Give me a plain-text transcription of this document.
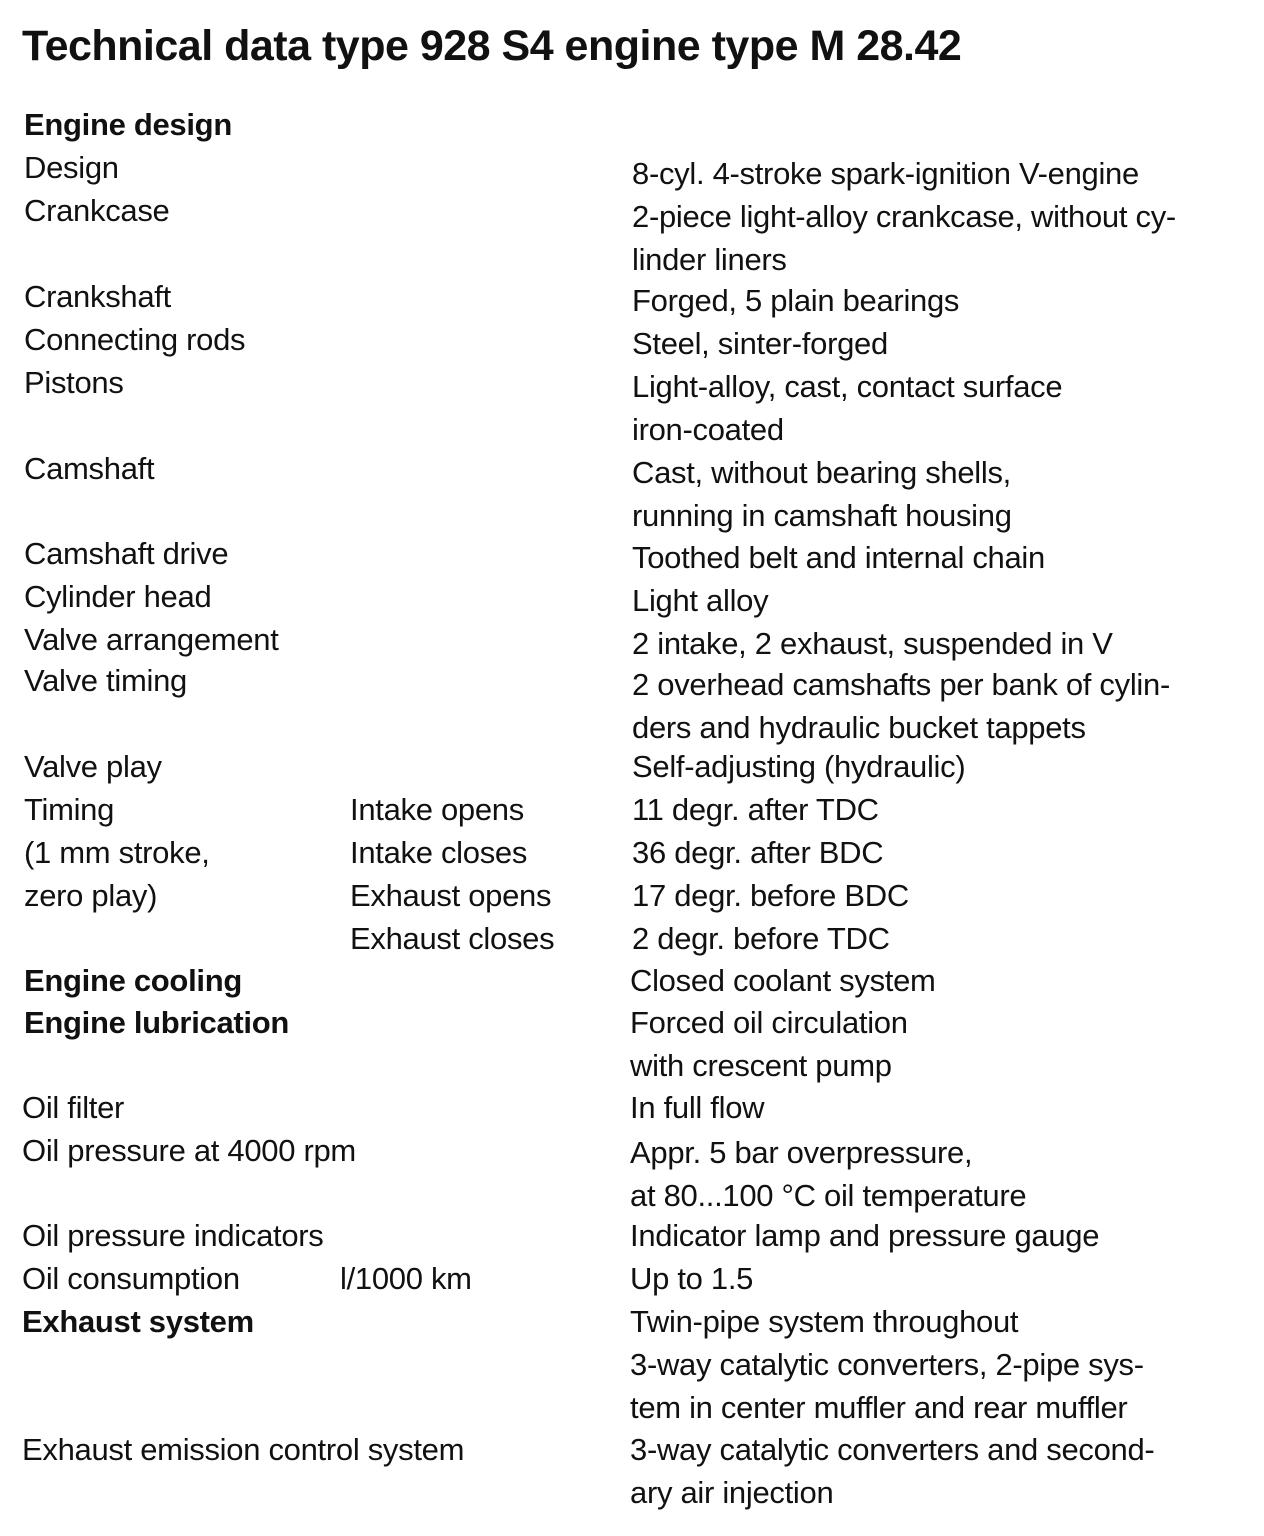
Technical data type 928 S4 engine type M 28.42
Engine design
Design	8-cyl. 4-stroke spark-ignition V-engine
Crankcase	2-piece light-alloy crankcase, without cy-
linder liners
Crankshaft	Forged, 5 plain bearings
Connecting rods	Steel, sinter-forged
Pistons	Light-alloy, cast, contact surface
iron-coated
Camshaft	Cast, without bearing shells,
running in camshaft housing
Camshaft drive	Toothed belt and internal chain
Cylinder head	Light alloy
Valve arrangement	2 intake, 2 exhaust, suspended in V
Valve timing	2 overhead camshafts per bank of cylin-
ders and hydraulic bucket tappets
Valve play	Self-adjusting (hydraulic)
Timing	Intake opens	11 degr. after TDC
(1 mm stroke,	Intake closes	36 degr. after BDC
zero play)	Exhaust opens	17 degr. before BDC
Exhaust closes	2 degr. before TDC
Engine cooling	Closed coolant system
Engine lubrication	Forced oil circulation
with crescent pump
Oil filter	In full flow
Oil pressure at 4000 rpm	Appr. 5 bar overpressure,
at 80...100 °C oil temperature
Oil pressure indicators	Indicator lamp and pressure gauge
Oil consumption	l/1000 km	Up to 1.5
Exhaust system	Twin-pipe system throughout
3-way catalytic converters, 2-pipe sys-
tem in center muffler and rear muffler
Exhaust emission control system	3-way catalytic converters and second-
ary air injection
